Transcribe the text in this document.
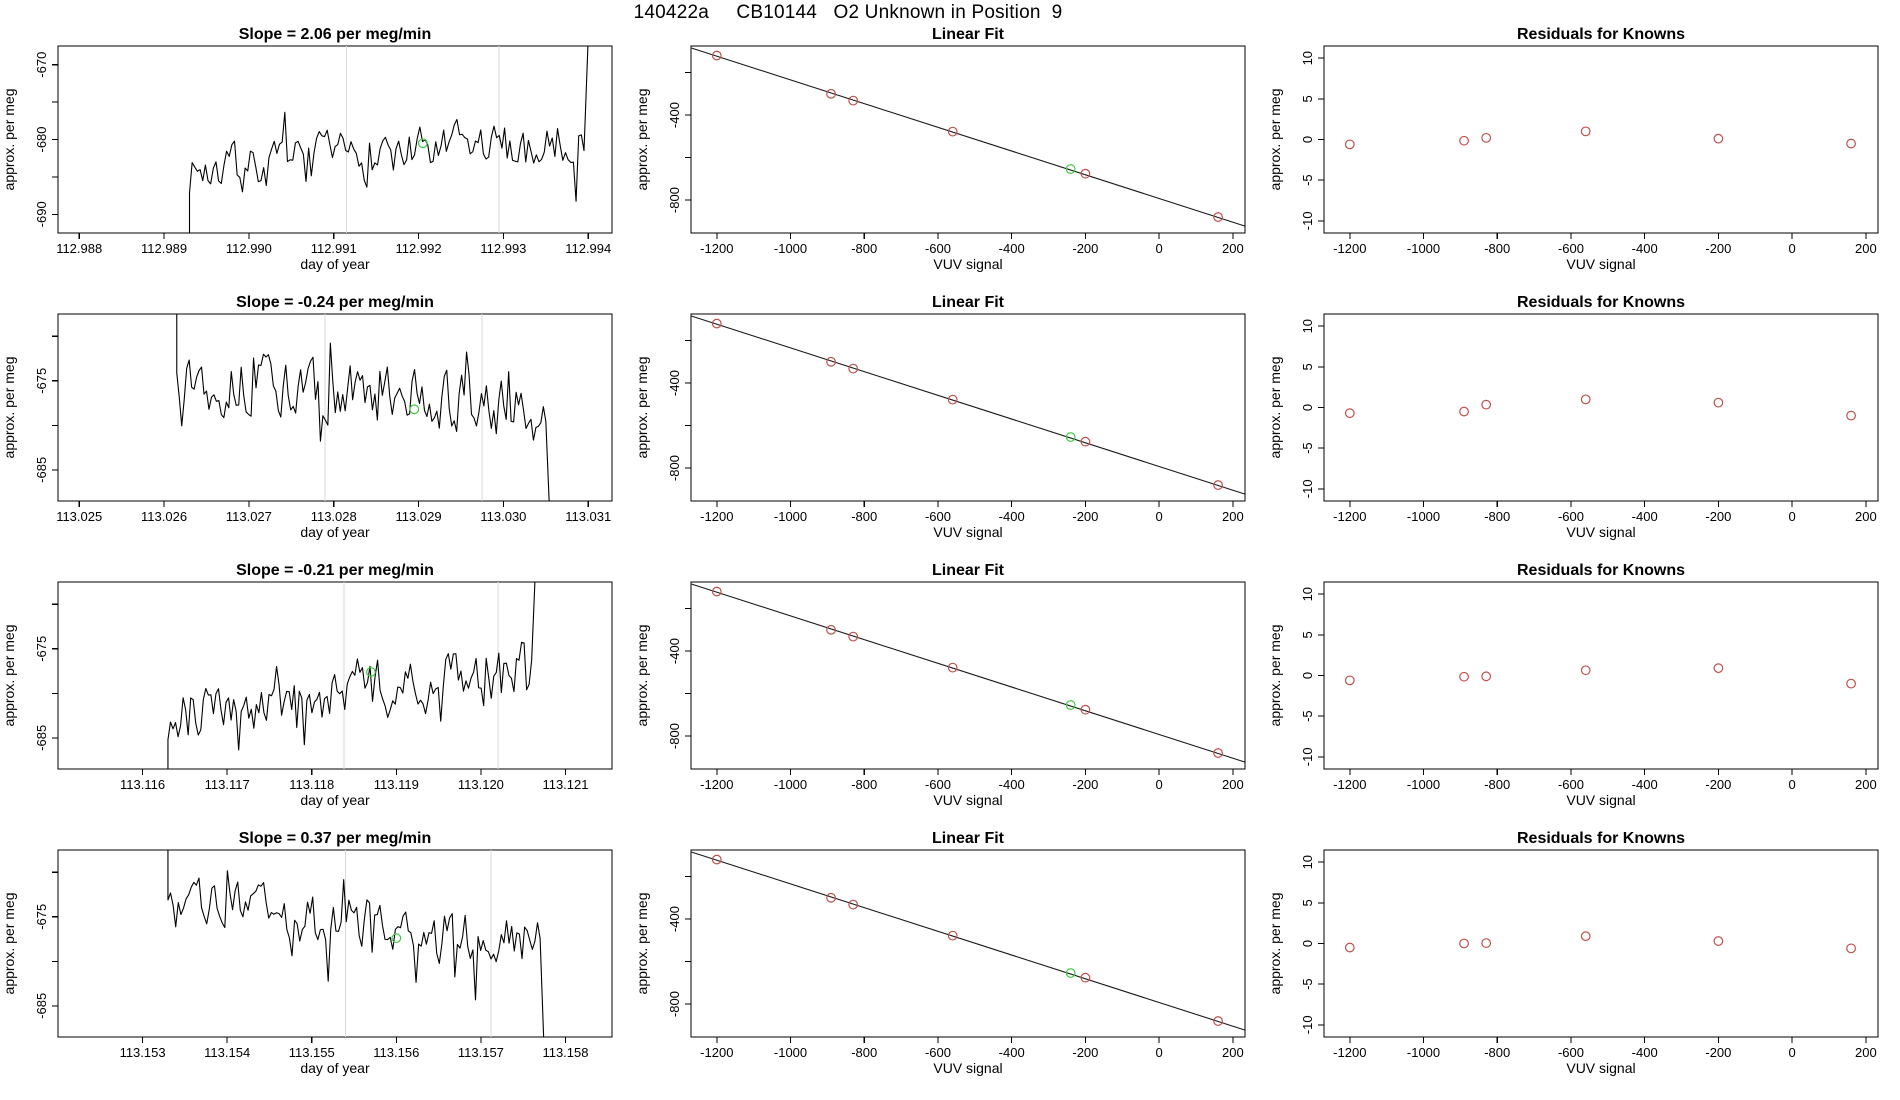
140422a     CB10144   O2 Unknown in Position  9
Slope = 2.06 per meg/min
day of year
approx. per meg
112.988	112.989	112.990	112.991	112.992	112.993	112.994
-670
-680
-690
Linear Fit
VUV signal
approx. per meg
-1200	-1000	-800	-600	-400	-200	0	200
-400
-800
Residuals for Knowns
VUV signal
approx. per meg
-1200	-1000	-800	-600	-400	-200	0	200
10
5
0
-5
-10
Slope = -0.24 per meg/min
day of year
approx. per meg
113.025	113.026	113.027	113.028	113.029	113.030	113.031
-675
-685
Linear Fit
VUV signal
approx. per meg
-1200	-1000	-800	-600	-400	-200	0	200
-400
-800
Residuals for Knowns
VUV signal
approx. per meg
-1200	-1000	-800	-600	-400	-200	0	200
10
5
0
-5
-10
Slope = -0.21 per meg/min
day of year
approx. per meg
113.116	113.117	113.118	113.119	113.120	113.121
-675
-685
Linear Fit
VUV signal
approx. per meg
-1200	-1000	-800	-600	-400	-200	0	200
-400
-800
Residuals for Knowns
VUV signal
approx. per meg
-1200	-1000	-800	-600	-400	-200	0	200
10
5
0
-5
-10
Slope = 0.37 per meg/min
day of year
approx. per meg
113.153	113.154	113.155	113.156	113.157	113.158
-675
-685
Linear Fit
VUV signal
approx. per meg
-1200	-1000	-800	-600	-400	-200	0	200
-400
-800
Residuals for Knowns
VUV signal
approx. per meg
-1200	-1000	-800	-600	-400	-200	0	200
10
5
0
-5
-10
